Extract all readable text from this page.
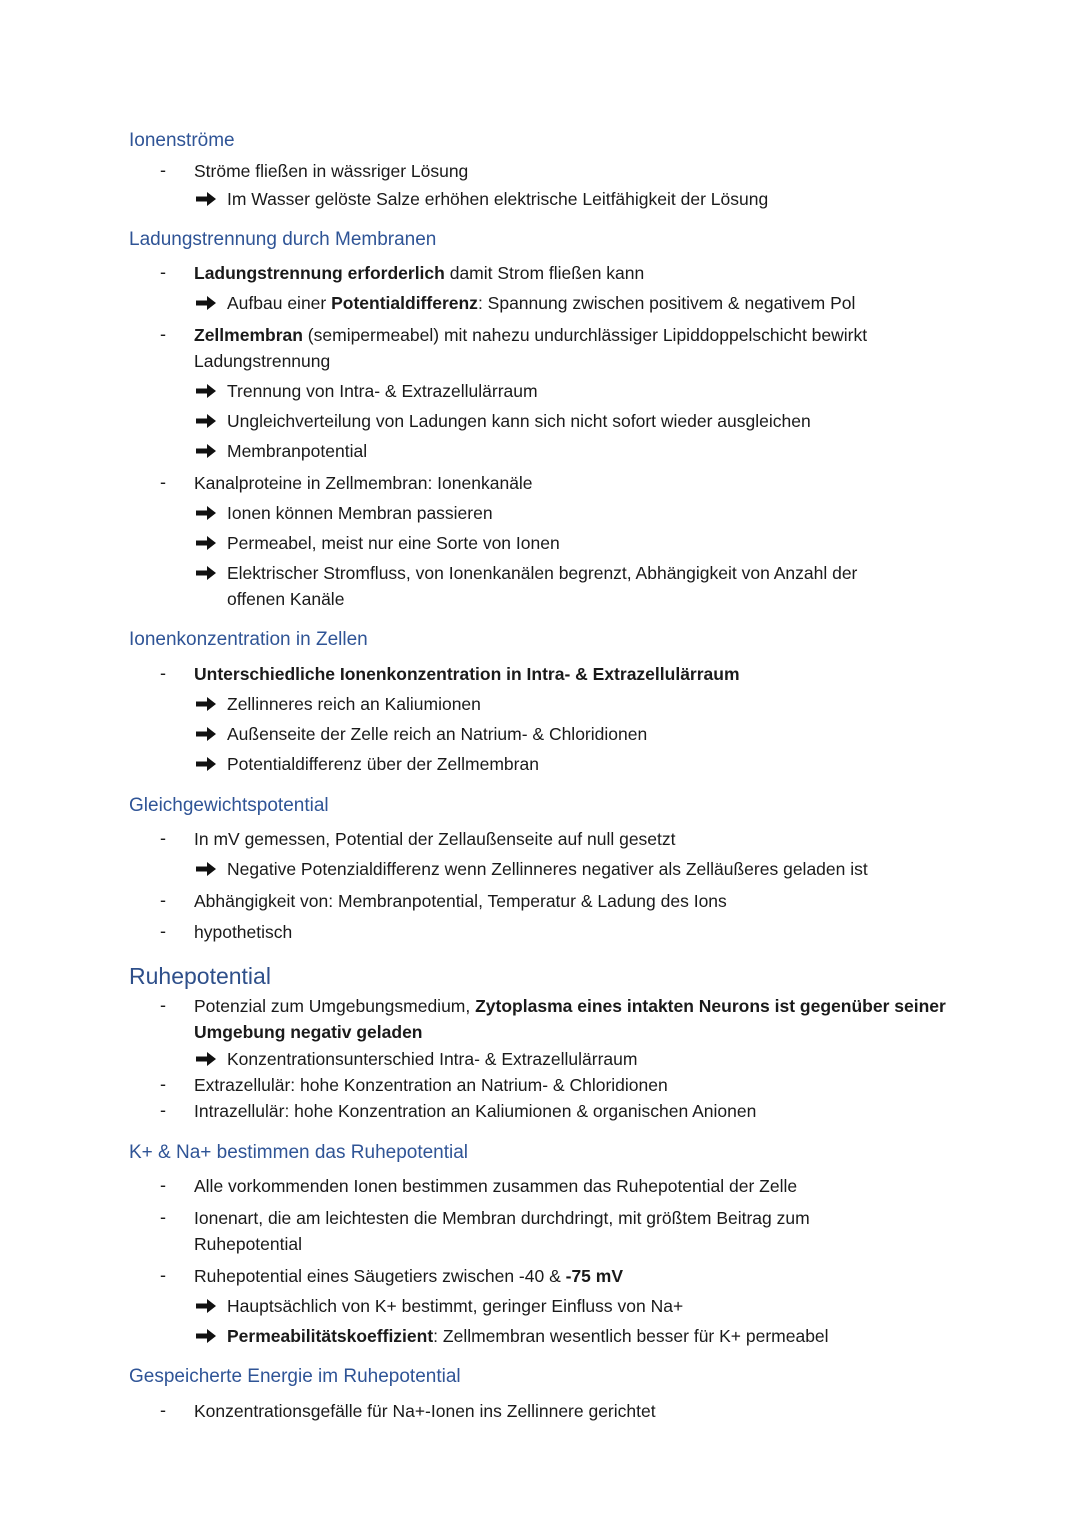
Ionenströme
- Ströme fließen in wässriger Lösung
Im Wasser gelöste Salze erhöhen elektrische Leitfähigkeit der Lösung
Ladungstrennung durch Membranen
- Ladungstrennung erforderlich damit Strom fließen kann
Aufbau einer Potentialdifferenz: Spannung zwischen positivem & negativem Pol
- Zellmembran (semipermeabel) mit nahezu undurchlässiger Lipiddoppelschicht bewirkt
Ladungstrennung
Trennung von Intra- & Extrazellulärraum
Ungleichverteilung von Ladungen kann sich nicht sofort wieder ausgleichen
Membranpotential
- Kanalproteine in Zellmembran: Ionenkanäle
Ionen können Membran passieren
Permeabel, meist nur eine Sorte von Ionen
Elektrischer Stromfluss, von Ionenkanälen begrenzt, Abhängigkeit von Anzahl der
offenen Kanäle
Ionenkonzentration in Zellen
- Unterschiedliche Ionenkonzentration in Intra- & Extrazellulärraum
Zellinneres reich an Kaliumionen
Außenseite der Zelle reich an Natrium- & Chloridionen
Potentialdifferenz über der Zellmembran
Gleichgewichtspotential
- In mV gemessen, Potential der Zellaußenseite auf null gesetzt
Negative Potenzialdifferenz wenn Zellinneres negativer als Zelläußeres geladen ist
- Abhängigkeit von: Membranpotential, Temperatur & Ladung des Ions
- hypothetisch
Ruhepotential
- Potenzial zum Umgebungsmedium, Zytoplasma eines intakten Neurons ist gegenüber seiner
Umgebung negativ geladen
Konzentrationsunterschied Intra- & Extrazellulärraum
- Extrazellulär: hohe Konzentration an Natrium- & Chloridionen
- Intrazellulär: hohe Konzentration an Kaliumionen & organischen Anionen
K+ & Na+ bestimmen das Ruhepotential
- Alle vorkommenden Ionen bestimmen zusammen das Ruhepotential der Zelle
- Ionenart, die am leichtesten die Membran durchdringt, mit größtem Beitrag zum
Ruhepotential
- Ruhepotential eines Säugetiers zwischen -40 & -75 mV
Hauptsächlich von K+ bestimmt, geringer Einfluss von Na+
Permeabilitätskoeffizient: Zellmembran wesentlich besser für K+ permeabel
Gespeicherte Energie im Ruhepotential
- Konzentrationsgefälle für Na+-Ionen ins Zellinnere gerichtet
